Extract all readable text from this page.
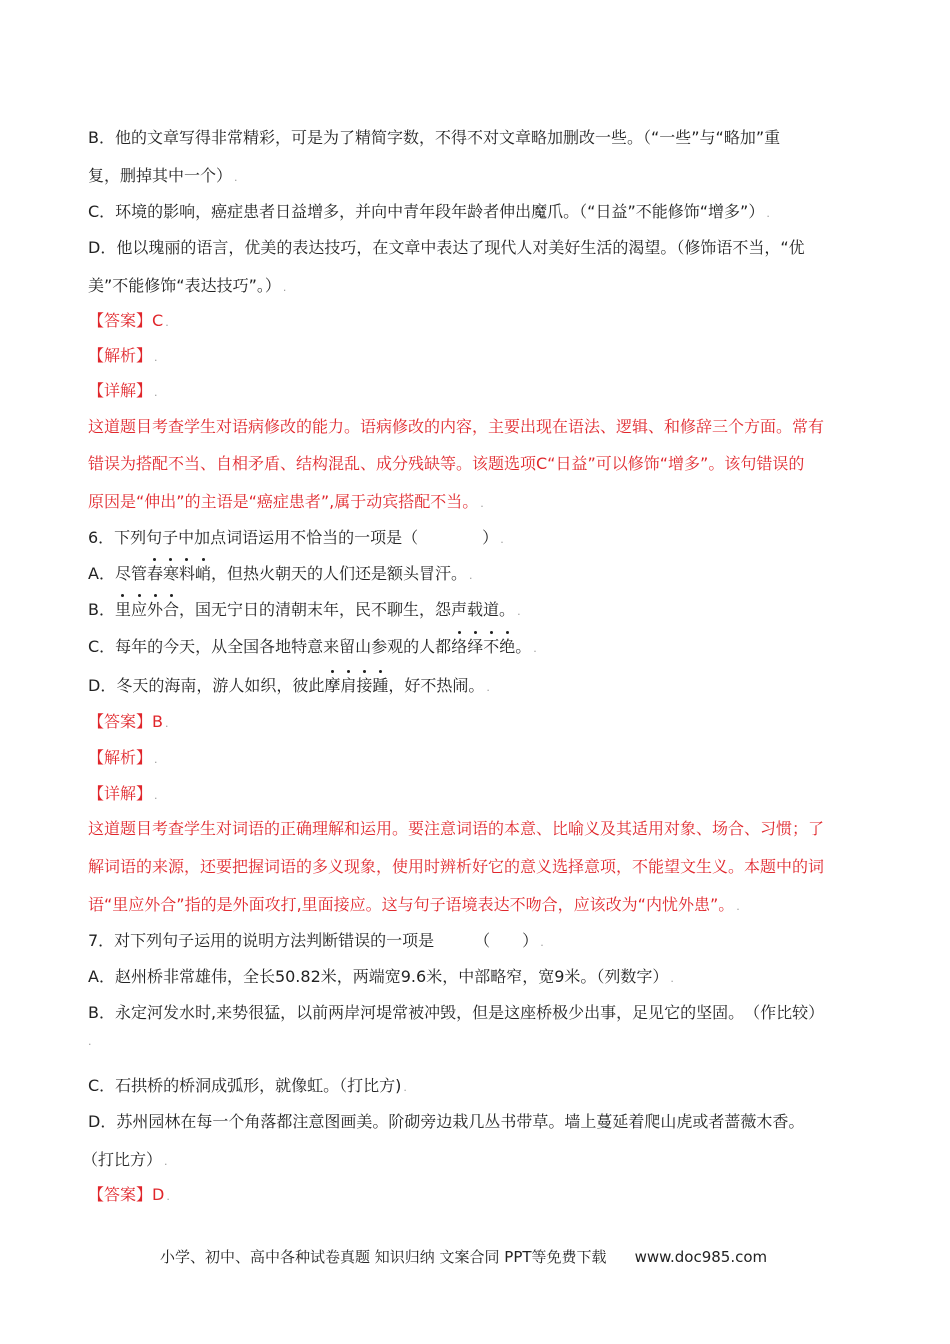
B．他的文章写得非常精彩，可是为了精简字数，不得不对文章略加删改一些。（“一些”与“略加”重
复，删掉其中一个） .
C．环境的影响，癌症患者日益增多，并向中青年段年龄者伸出魔爪。（“日益”不能修饰“增多”） .
D．他以瑰丽的语言，优美的表达技巧，在文章中表达了现代人对美好生活的渴望。（修饰语不当，“优
美”不能修饰“表达技巧”。） .
【答案】C .
【解析】 .
【详解】 .
这道题目考查学生对语病修改的能力。语病修改的内容，主要出现在语法、逻辑、和修辞三个方面。常有
错误为搭配不当、自相矛盾、结构混乱、成分残缺等。该题选项C“日益”可以修饰“增多”。该句错误的
原因是“伸出”的主语是“癌症患者”,属于动宾搭配不当。 .
6．下列句子中加点词语运用不恰当的一项是（　　　　） .
A．尽管春寒料峭，但热火朝天的人们还是额头冒汗。 .
B．里应外合，国无宁日的清朝末年，民不聊生，怨声载道。 .
C．每年的今天，从全国各地特意来留山参观的人都络绎不绝。 .
D．冬天的海南，游人如织，彼此摩肩接踵，好不热闹。 .
【答案】B .
【解析】 .
【详解】 .
这道题目考查学生对词语的正确理解和运用。要注意词语的本意、比喻义及其适用对象、场合、习惯；了
解词语的来源，还要把握词语的多义现象，使用时辨析好它的意义选择意项，不能望文生义。本题中的词
语“里应外合”指的是外面攻打,里面接应。这与句子语境表达不吻合，应该改为“内忧外患”。 .
7．对下列句子运用的说明方法判断错误的一项是　　　（　　） .
A．赵州桥非常雄伟，全长50.82米，两端宽9.6米，中部略窄，宽9米。（列数字） .
B．永定河发水时,来势很猛，以前两岸河堤常被冲毁，但是这座桥极少出事，足见它的坚固。　（作比较）
.
C．石拱桥的桥洞成弧形，就像虹。（打比方) .
D．苏州园林在每一个角落都注意图画美。阶砌旁边栽几丛书带草。墙上蔓延着爬山虎或者蔷薇木香。
（打比方） .
【答案】D .
小学、初中、高中各种试卷真题 知识归纳 文案合同 PPT等免费下载 www.doc985.com
